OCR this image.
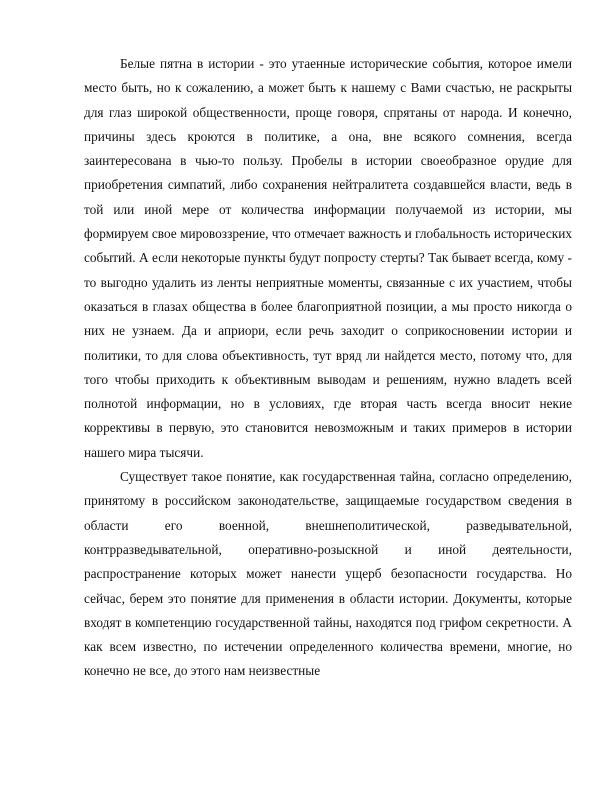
Белые пятна в истории - это утаенные исторические события, которое имели место быть, но к сожалению, а может быть к нашему с Вами счастью, не раскрыты для глаз широкой общественности, проще говоря, спрятаны от народа. И конечно, причины здесь кроются в политике, а она, вне всякого сомнения, всегда заинтересована в чью-то пользу. Пробелы в истории своеобразное орудие для приобретения симпатий, либо сохранения нейтралитета создавшейся власти, ведь в той или иной мере от количества информации получаемой из истории, мы формируем свое мировоззрение, что отмечает важность и глобальность исторических событий. А если некоторые пункты будут попросту стерты? Так бывает всегда, кому - то выгодно удалить из ленты неприятные моменты, связанные с их участием, чтобы оказаться в глазах общества в более благоприятной позиции, а мы просто никогда о них не узнаем. Да и априори, если речь заходит о соприкосновении истории и политики, то для слова объективность, тут вряд ли найдется место, потому что, для того чтобы приходить к объективным выводам и решениям, нужно владеть всей полнотой информации, но в условиях, где вторая часть всегда вносит некие коррективы в первую, это становится невозможным и таких примеров в истории нашего мира тысячи.

Существует такое понятие, как государственная тайна, согласно определению, принятому в российском законодательстве, защищаемые государством сведения в области его военной, внешнеполитической, разведывательной, контрразведывательной, оперативно-розыскной и иной деятельности, распространение которых может нанести ущерб безопасности государства. Но сейчас, берем это понятие для применения в области истории. Документы, которые входят в компетенцию государственной тайны, находятся под грифом секретности. А как всем известно, по истечении определенного количества времени, многие, но конечно не все, до этого нам неизвестные
